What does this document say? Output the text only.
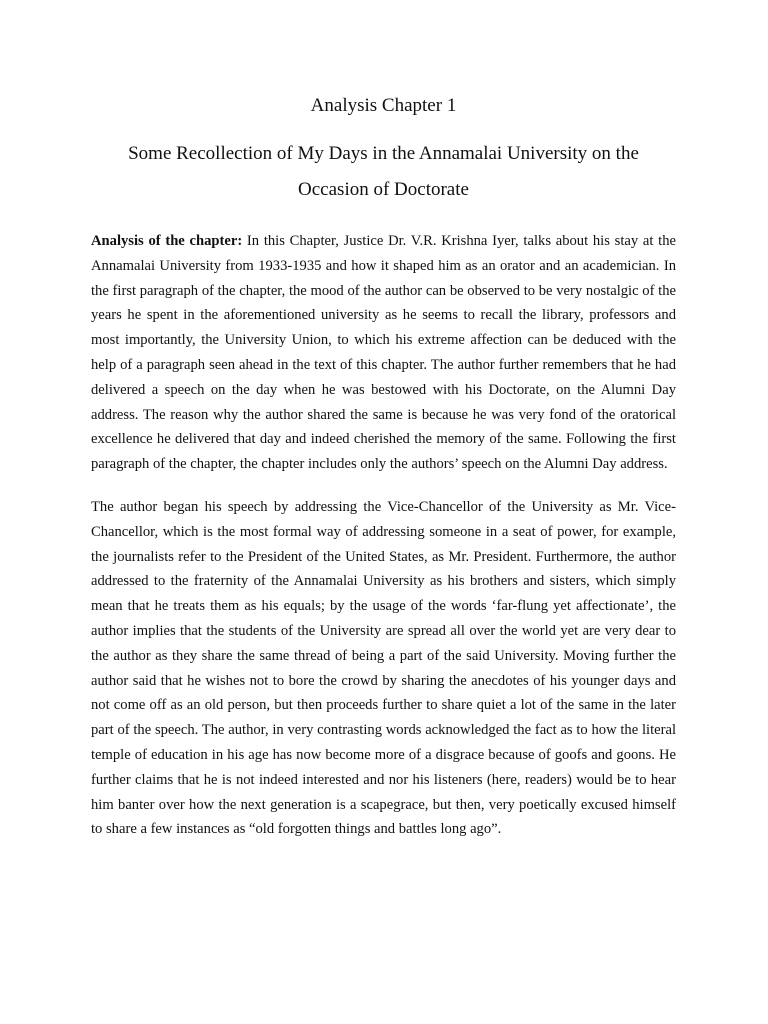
Analysis Chapter 1
Some Recollection of My Days in the Annamalai University on the Occasion of Doctorate

Analysis of the chapter: In this Chapter, Justice Dr. V.R. Krishna Iyer, talks about his stay at the Annamalai University from 1933-1935 and how it shaped him as an orator and an academician. In the first paragraph of the chapter, the mood of the author can be observed to be very nostalgic of the years he spent in the aforementioned university as he seems to recall the library, professors and most importantly, the University Union, to which his extreme affection can be deduced with the help of a paragraph seen ahead in the text of this chapter. The author further remembers that he had delivered a speech on the day when he was bestowed with his Doctorate, on the Alumni Day address. The reason why the author shared the same is because he was very fond of the oratorical excellence he delivered that day and indeed cherished the memory of the same. Following the first paragraph of the chapter, the chapter includes only the authors’ speech on the Alumni Day address.

The author began his speech by addressing the Vice-Chancellor of the University as Mr. Vice-Chancellor, which is the most formal way of addressing someone in a seat of power, for example, the journalists refer to the President of the United States, as Mr. President. Furthermore, the author addressed to the fraternity of the Annamalai University as his brothers and sisters, which simply mean that he treats them as his equals; by the usage of the words ‘far-flung yet affectionate’, the author implies that the students of the University are spread all over the world yet are very dear to the author as they share the same thread of being a part of the said University. Moving further the author said that he wishes not to bore the crowd by sharing the anecdotes of his younger days and not come off as an old person, but then proceeds further to share quiet a lot of the same in the later part of the speech. The author, in very contrasting words acknowledged the fact as to how the literal temple of education in his age has now become more of a disgrace because of goofs and goons. He further claims that he is not indeed interested and nor his listeners (here, readers) would be to hear him banter over how the next generation is a scapegrace, but then, very poetically excused himself to share a few instances as “old forgotten things and battles long ago”.
